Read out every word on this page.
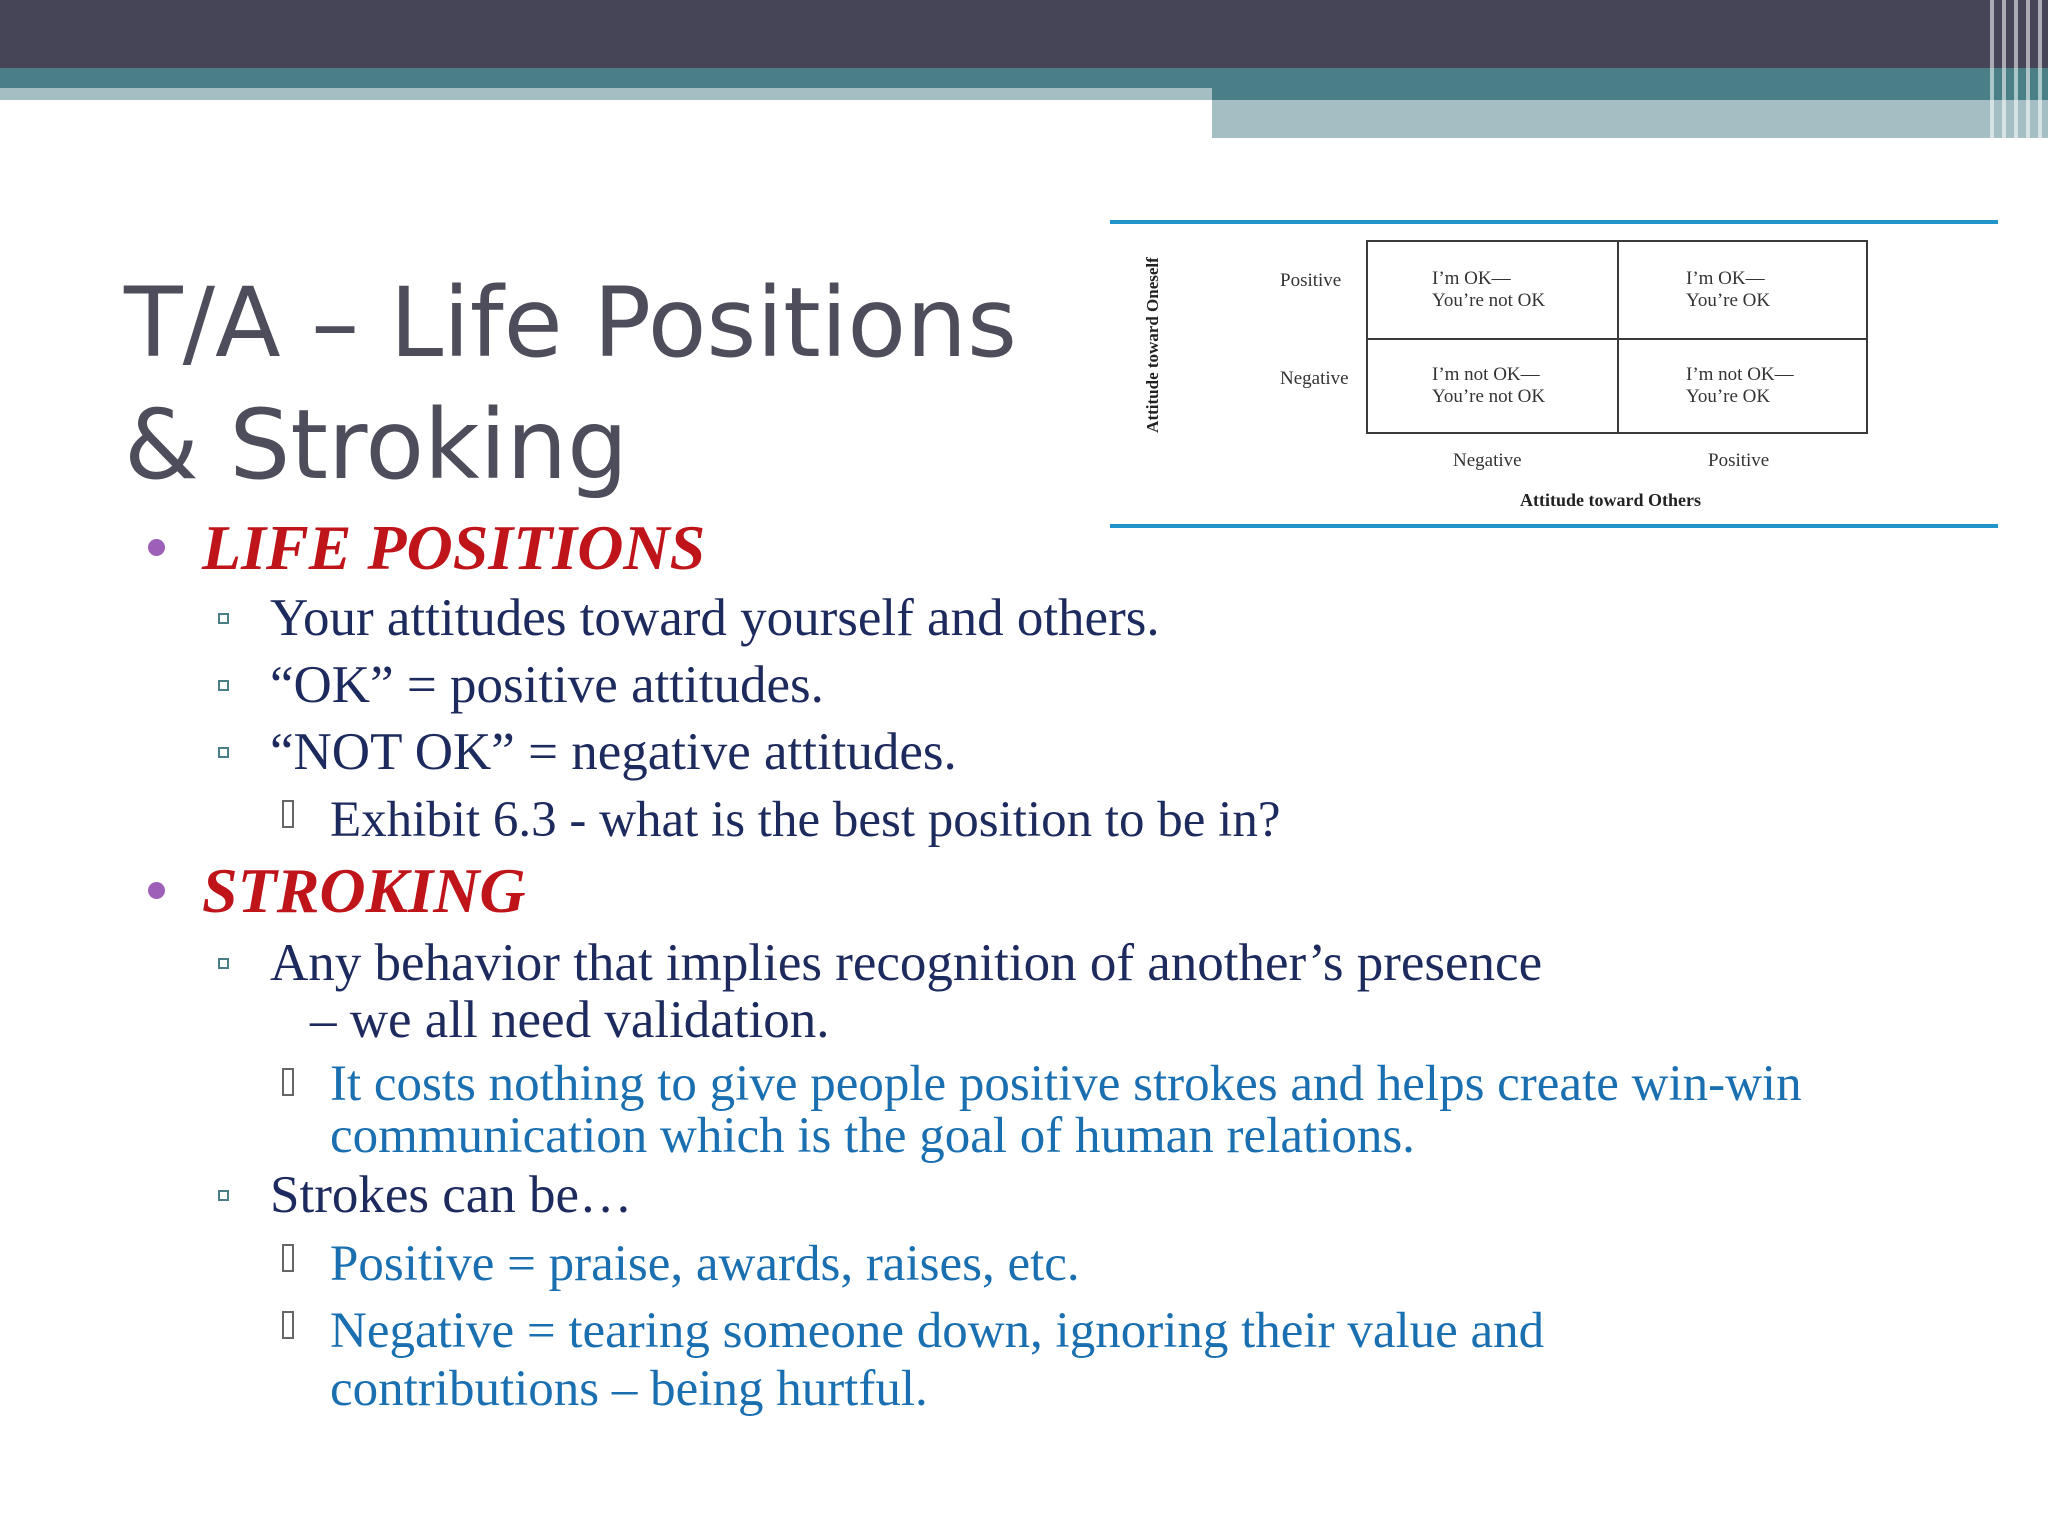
T/A – Life Positions
& Stroking
Attitude toward Oneself	Positive
Negative
I’m OK—
You’re not OK
I’m OK—
You’re OK
I’m not OK—
You’re not OK
I’m not OK—
You’re OK
Negative	Positive
Attitude toward Others
LIFE POSITIONS
Your attitudes toward yourself and others.
“OK” = positive attitudes.
“NOT OK” = negative attitudes.
Exhibit 6.3 - what is the best position to be in?
STROKING
Any behavior that implies recognition of another’s presence
– we all need validation.
It costs nothing to give people positive strokes and helps create win-win
communication which is the goal of human relations.
Strokes can be…
Positive = praise, awards, raises, etc.
Negative = tearing someone down, ignoring their value and
contributions – being hurtful.
